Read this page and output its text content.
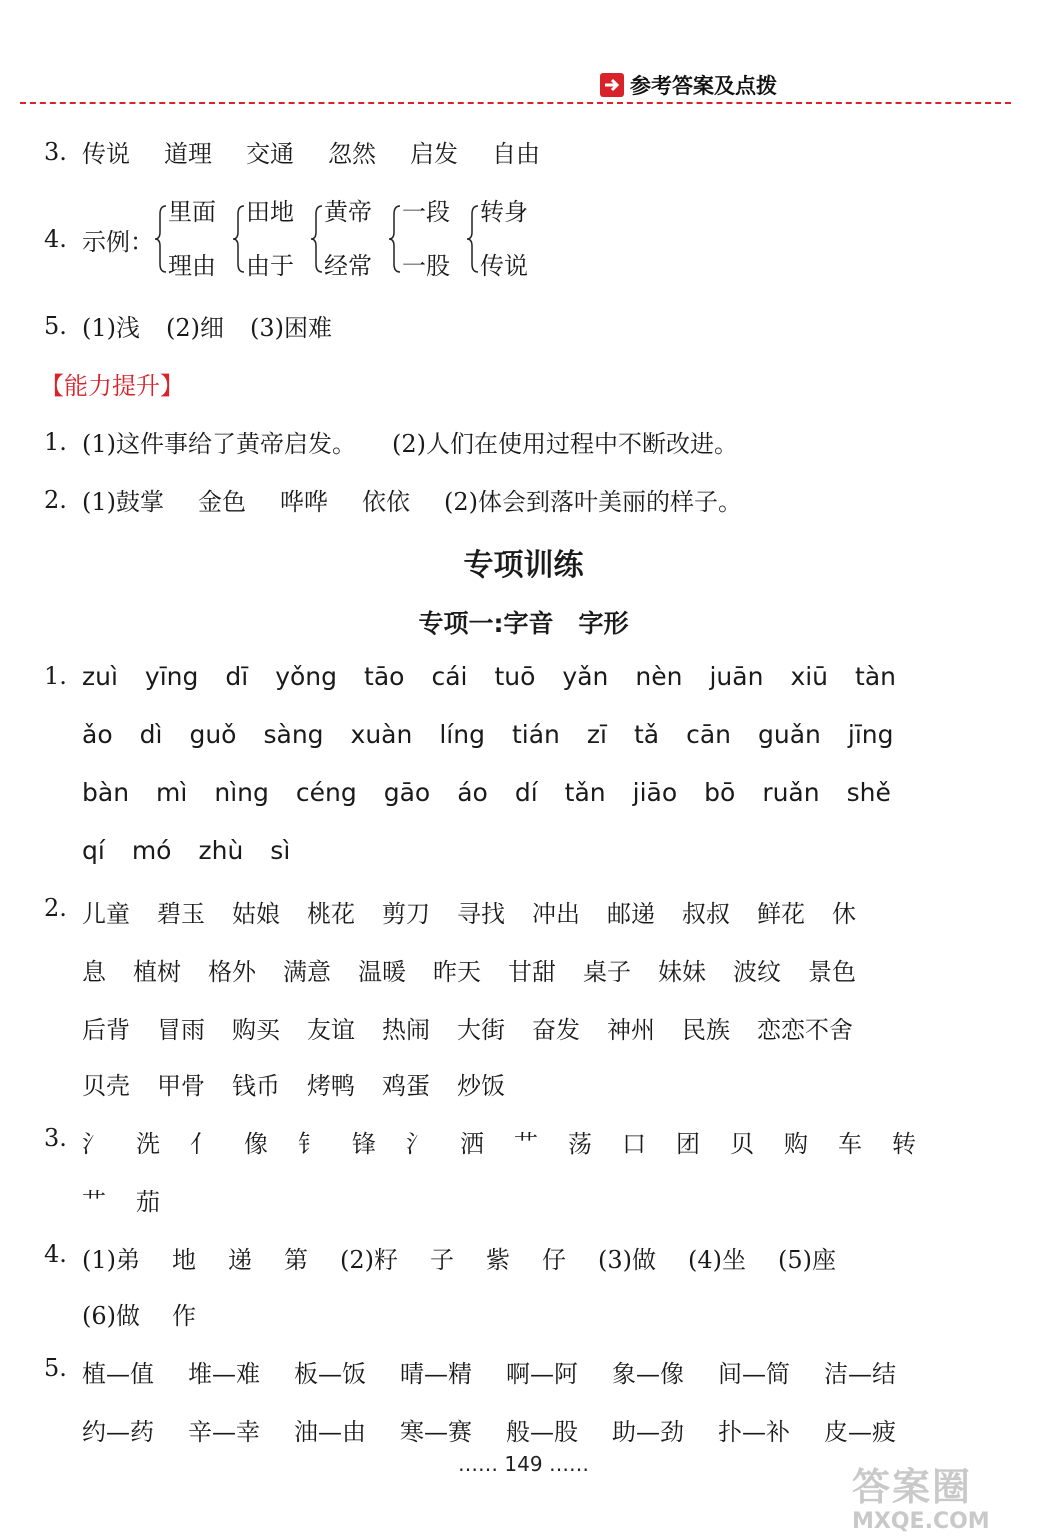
参考答案及点拨
3. 传说 道理 交通 忽然 启发 自由
4. 示例：
里面
理由
田地
由于
黄帝
经常
一段
一股
转身
传说
5. (1)浅 (2)细 (3)困难
【能力提升】
1. (1)这件事给了黄帝启发。 (2)人们在使用过程中不断改进。
2. (1)鼓掌 金色 哗哗 依依 (2)体会到落叶美丽的样子。
专项训练
专项一:字音　字形
1. zuì yīng dī yǒng tāo cái tuō yǎn nèn juān xiū tàn
ǎo dì guǒ sàng xuàn líng tián zī tǎ cān guǎn jīng
bàn mì nìng céng gāo áo dí tǎn jiāo bō ruǎn shě
qí mó zhù sì
2. 儿童 碧玉 姑娘 桃花 剪刀 寻找 冲出 邮递 叔叔 鲜花 休
息 植树 格外 满意 温暖 昨天 甘甜 桌子 妹妹 波纹 景色
后背 冒雨 购买 友谊 热闹 大街 奋发 神州 民族 恋恋不舍
贝壳 甲骨 钱币 烤鸭 鸡蛋 炒饭
3. 氵 洗 亻 像 钅 锋 氵 洒 艹 荡 口 团 贝 购 车 转
艹 茄
4. (1)弟 地 递 第 (2)籽 子 紫 仔 (3)做 (4)坐 (5)座
(6)做 作
5. 植—值 堆—难 板—饭 晴—精 啊—阿 象—像 间—简 洁—结
约—药 辛—幸 油—由 寒—赛 般—股 助—劲 扑—补 皮—疲
…… 149 ……
答案圈
MXQE.COM
